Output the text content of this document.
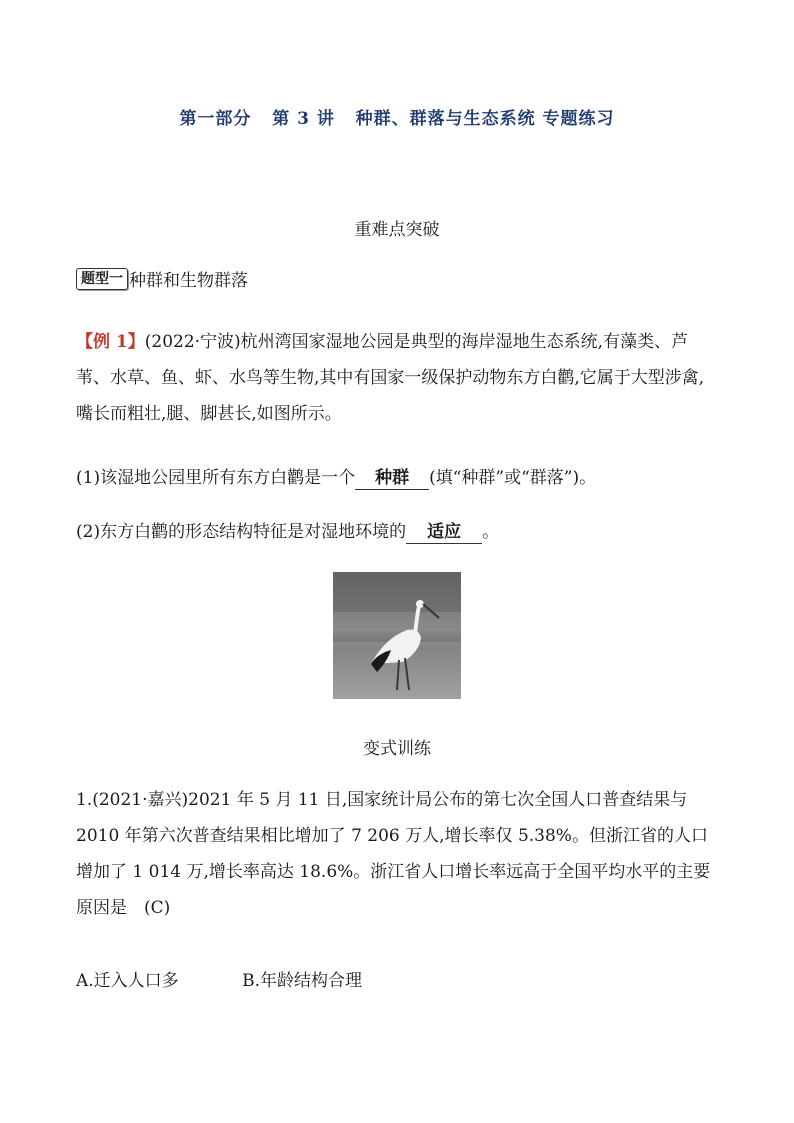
第一部分 第 3 讲 种群、群落与生态系统 专题练习
重难点突破
题型一 种群和生物群落
【例 1】(2022·宁波)杭州湾国家湿地公园是典型的海岸湿地生态系统,有藻类、芦苇、水草、鱼、虾、水鸟等生物,其中有国家一级保护动物东方白鹳,它属于大型涉禽,嘴长而粗壮,腿、脚甚长,如图所示。
(1)该湿地公园里所有东方白鹳是一个 种群 (填“种群”或“群落”)。
(2)东方白鹳的形态结构特征是对湿地环境的 适应 。
变式训练
1.(2021·嘉兴)2021 年 5 月 11 日,国家统计局公布的第七次全国人口普查结果与 2010 年第六次普查结果相比增加了 7 206 万人,增长率仅 5.38%。但浙江省的人口增加了 1 014 万,增长率高达 18.6%。浙江省人口增长率远高于全国平均水平的主要原因是　(C)
A.迁入人口多	B.年龄结构合理
